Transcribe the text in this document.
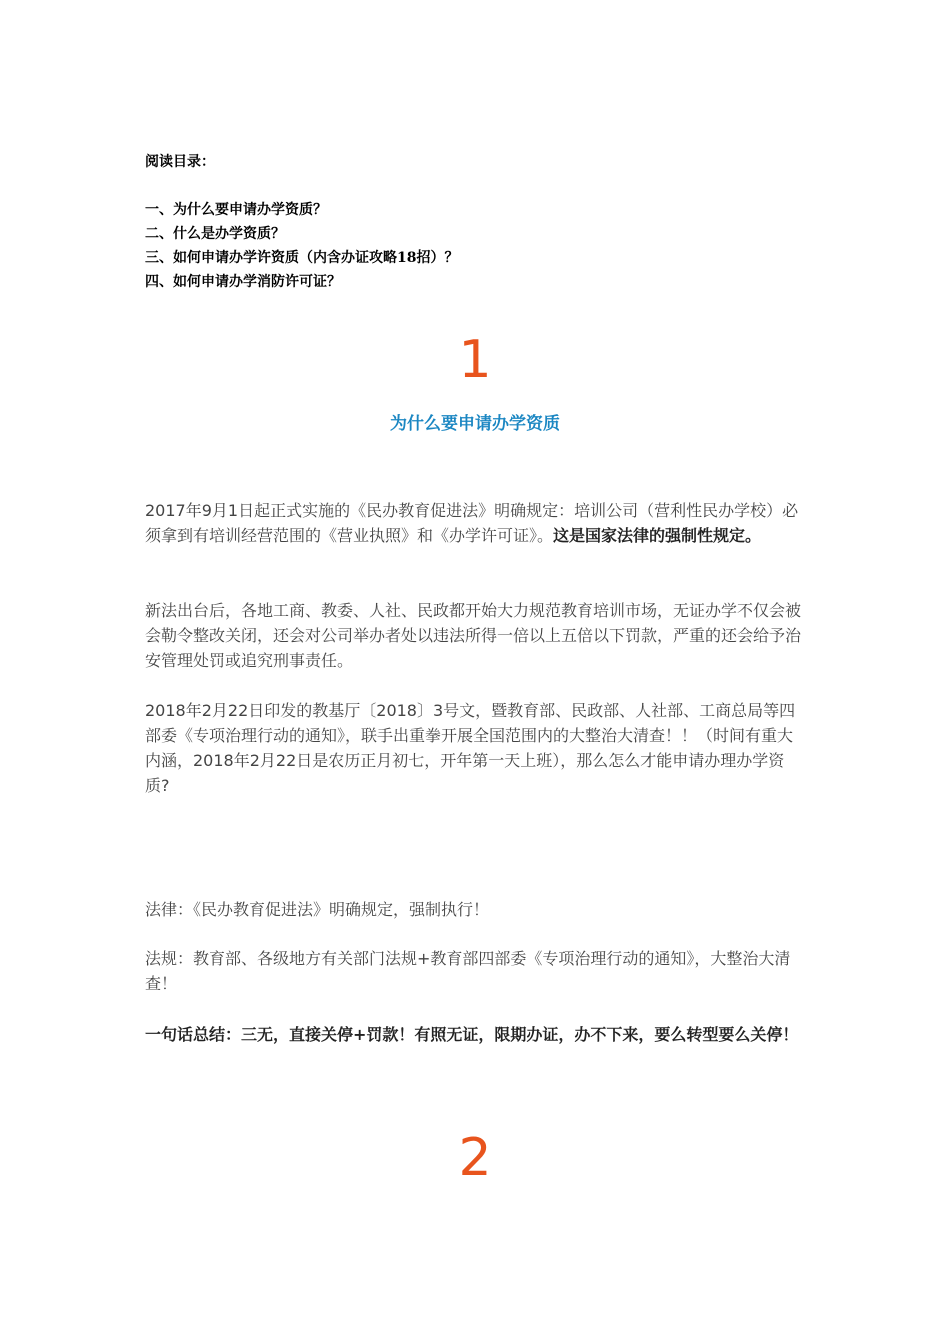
阅读目录：
一、为什么要申请办学资质？
二、什么是办学资质？
三、如何申请办学许资质（内含办证攻略18招）？
四、如何申请办学消防许可证？
1
为什么要申请办学资质

2017年9月1日起正式实施的《民办教育促进法》明确规定：培训公司（营利性民办学校）必须拿到有培训经营范围的《营业执照》和《办学许可证》。这是国家法律的强制性规定。

新法出台后，各地工商、教委、人社、民政都开始大力规范教育培训市场，无证办学不仅会被会勒令整改关闭，还会对公司举办者处以违法所得一倍以上五倍以下罚款，严重的还会给予治安管理处罚或追究刑事责任。

2018年2月22日印发的教基厅〔2018〕3号文，暨教育部、民政部、人社部、工商总局等四部委《专项治理行动的通知》，联手出重拳开展全国范围内的大整治大清查！！（时间有重大内涵，2018年2月22日是农历正月初七，开年第一天上班），那么怎么才能申请办理办学资质?

法律：《民办教育促进法》明确规定，强制执行！

法规：教育部、各级地方有关部门法规+教育部四部委《专项治理行动的通知》，大整治大清查！

一句话总结：三无，直接关停+罚款！有照无证，限期办证，办不下来，要么转型要么关停！

2
